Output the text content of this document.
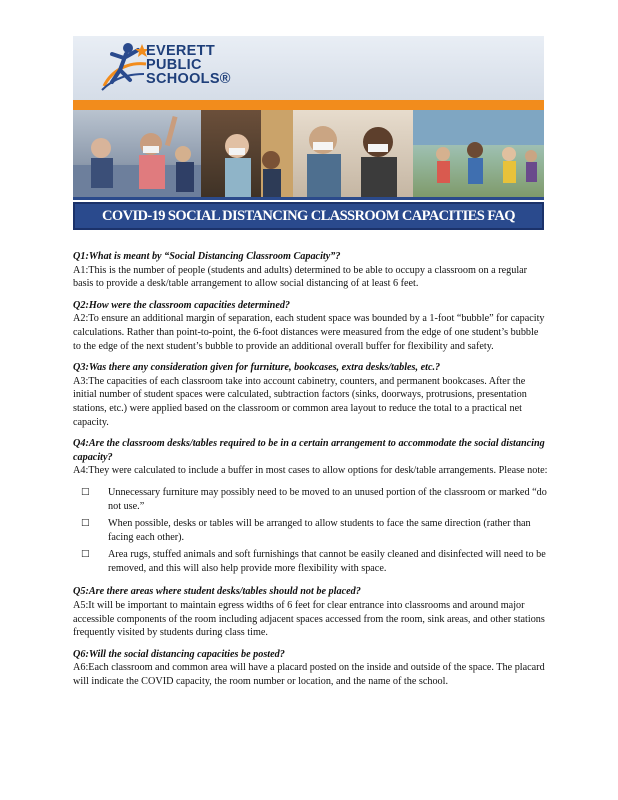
EVERETT
PUBLIC
SCHOOLS®
COVID-19 SOCIAL DISTANCING CLASSROOM CAPACITIES FAQ

Q1:What is meant by “Social Distancing Classroom Capacity”?

A1:This is the number of people (students and adults) determined to be able to occupy a classroom on a regular basis to provide a desk/table arrangement to allow social distancing of at least 6 feet.

Q2:How were the classroom capacities determined?

A2:To ensure an additional margin of separation, each student space was bounded by a 1-foot “bubble” for capacity calculations. Rather than point-to-point, the 6-foot distances were measured from the edge of one student’s bubble to the edge of the next student’s bubble to provide an additional overall buffer for flexibility and safety.

Q3:Was there any consideration given for furniture, bookcases, extra desks/tables, etc.?

A3:The capacities of each classroom take into account cabinetry, counters, and permanent bookcases. After the initial number of student spaces were calculated, subtraction factors (sinks, doorways, protrusions, presentation stations, etc.) were applied based on the classroom or common area layout to reduce the total to a practical net capacity.

Q4:Are the classroom desks/tables required to be in a certain arrangement to accommodate the social distancing capacity?

A4:They were calculated to include a buffer in most cases to allow options for desk/table arrangements. Please note:

□ Unnecessary furniture may possibly need to be moved to an unused portion of the classroom or marked “do not use.”
□ When possible, desks or tables will be arranged to allow students to face the same direction (rather than facing each other).
□ Area rugs, stuffed animals and soft furnishings that cannot be easily cleaned and disinfected will need to be removed, and this will also help provide more flexibility with space.

Q5:Are there areas where student desks/tables should not be placed?

A5:It will be important to maintain egress widths of 6 feet for clear entrance into classrooms and around major accessible components of the room including adjacent spaces accessed from the room, sink areas, and other stations frequently visited by students during class time.

Q6:Will the social distancing capacities be posted?

A6:Each classroom and common area will have a placard posted on the inside and outside of the space. The placard will indicate the COVID capacity, the room number or location, and the name of the school.
